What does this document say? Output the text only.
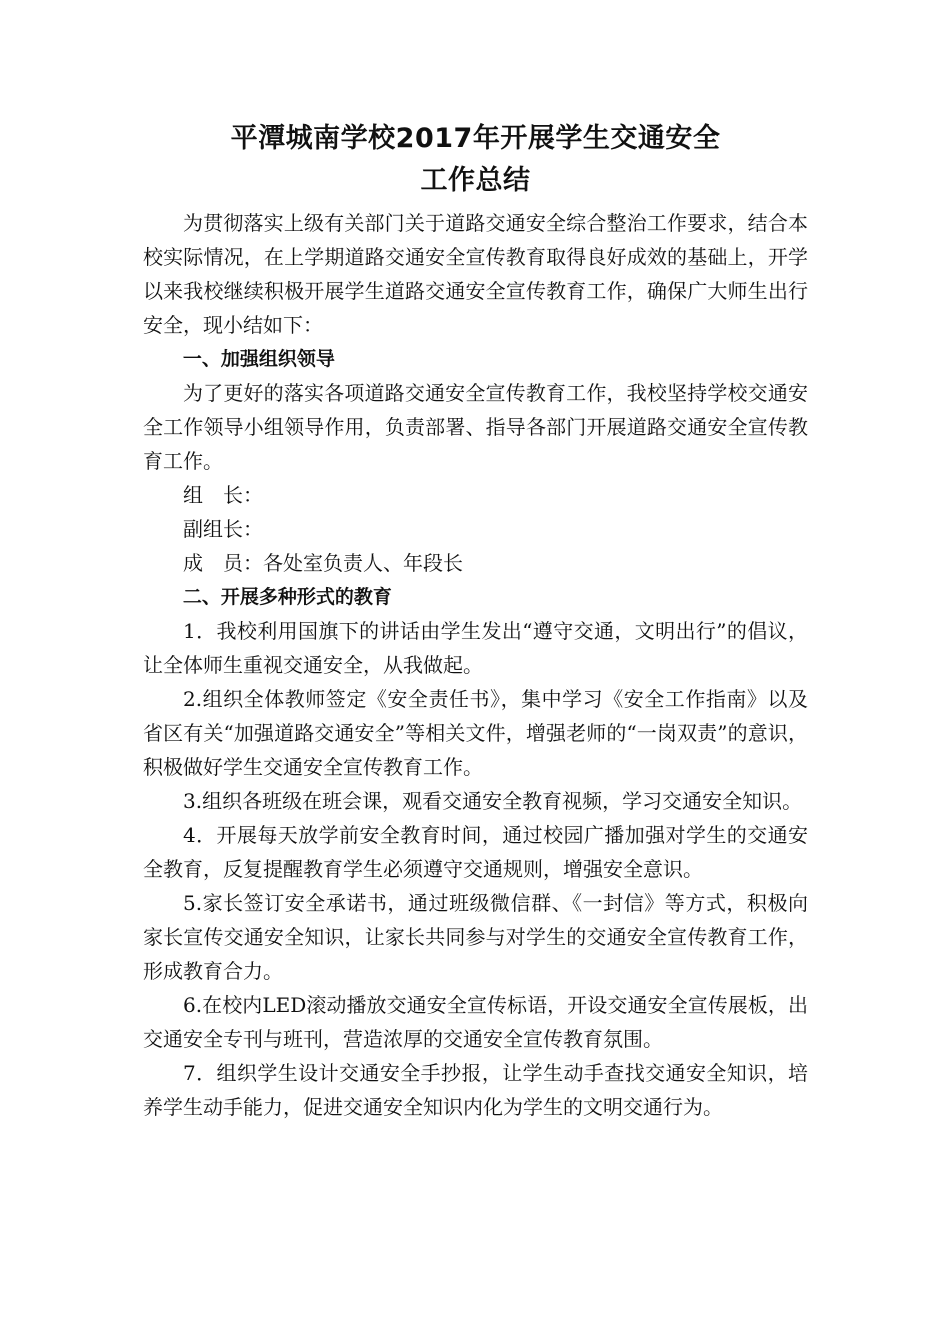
平潭城南学校2017年开展学生交通安全
工作总结

为贯彻落实上级有关部门关于道路交通安全综合整治工作要求，结合本校实际情况，在上学期道路交通安全宣传教育取得良好成效的基础上，开学以来我校继续积极开展学生道路交通安全宣传教育工作，确保广大师生出行安全，现小结如下：

一、加强组织领导

为了更好的落实各项道路交通安全宣传教育工作，我校坚持学校交通安全工作领导小组领导作用，负责部署、指导各部门开展道路交通安全宣传教育工作。

组　长：

副组长：

成　员：各处室负责人、年段长

二、开展多种形式的教育

1．我校利用国旗下的讲话由学生发出“遵守交通，文明出行”的倡议，让全体师生重视交通安全，从我做起。

2.组织全体教师签定《安全责任书》，集中学习《安全工作指南》以及省区有关“加强道路交通安全”等相关文件，增强老师的“一岗双责”的意识，积极做好学生交通安全宣传教育工作。

3.组织各班级在班会课，观看交通安全教育视频，学习交通安全知识。

4．开展每天放学前安全教育时间，通过校园广播加强对学生的交通安全教育，反复提醒教育学生必须遵守交通规则，增强安全意识。

5.家长签订安全承诺书，通过班级微信群、《一封信》等方式，积极向家长宣传交通安全知识，让家长共同参与对学生的交通安全宣传教育工作，形成教育合力。

6.在校内LED滚动播放交通安全宣传标语，开设交通安全宣传展板，出交通安全专刊与班刊，营造浓厚的交通安全宣传教育氛围。

7．组织学生设计交通安全手抄报，让学生动手查找交通安全知识，培养学生动手能力，促进交通安全知识内化为学生的文明交通行为。
